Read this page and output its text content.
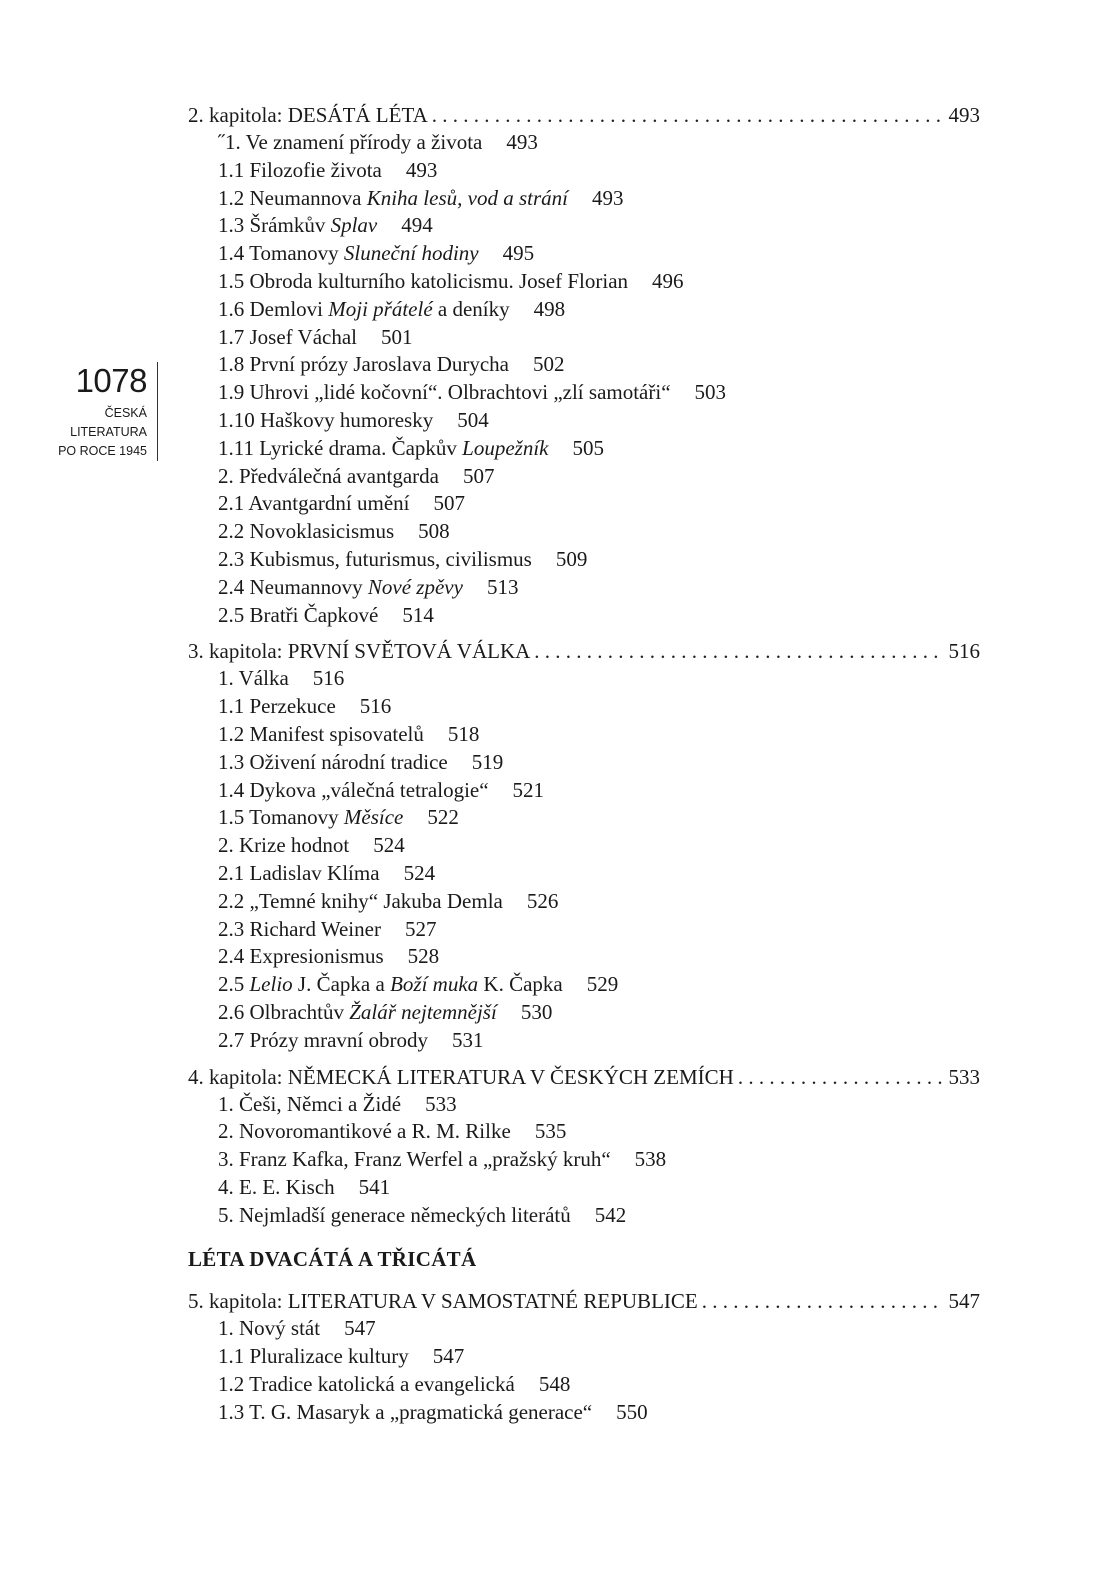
1078
ČESKÁ
LITERATURA
PO ROCE 1945
2. kapitola: DESÁTÁ LÉTA . . .	493
˝1. Ve znamení přírody a života 493
1.1 Filozofie života 493
1.2 Neumannova Kniha lesů, vod a strání 493
1.3 Šrámkův Splav 494
1.4 Tomanovy Sluneční hodiny 495
1.5 Obroda kulturního katolicismu. Josef Florian 496
1.6 Demlovi Moji přátelé a deníky 498
1.7 Josef Váchal 501
1.8 První prózy Jaroslava Durycha 502
1.9 Uhrovi „lidé kočovní“. Olbrachtovi „zlí samotáři“ 503
1.10 Haškovy humoresky 504
1.11 Lyrické drama. Čapkův Loupežník 505
2. Předválečná avantgarda 507
2.1 Avantgardní umění 507
2.2 Novoklasicismus 508
2.3 Kubismus, futurismus, civilismus 509
2.4 Neumannovy Nové zpěvy 513
2.5 Bratři Čapkové 514
3. kapitola: PRVNÍ SVĚTOVÁ VÁLKA . . .	516
1. Válka 516
1.1 Perzekuce 516
1.2 Manifest spisovatelů 518
1.3 Oživení národní tradice 519
1.4 Dykova „válečná tetralogie“ 521
1.5 Tomanovy Měsíce 522
2. Krize hodnot 524
2.1 Ladislav Klíma 524
2.2 „Temné knihy“ Jakuba Demla 526
2.3 Richard Weiner 527
2.4 Expresionismus 528
2.5 Lelio J. Čapka a Boží muka K. Čapka 529
2.6 Olbrachtův Žalář nejtemnější 530
2.7 Prózy mravní obrody 531
4. kapitola: NĚMECKÁ LITERATURA V ČESKÝCH ZEMÍCH . . .	533
1. Češi, Němci a Židé 533
2. Novoromantikové a R. M. Rilke 535
3. Franz Kafka, Franz Werfel a „pražský kruh“ 538
4. E. E. Kisch 541
5. Nejmladší generace německých literátů 542
LÉTA DVACÁTÁ A TŘICÁTÁ
5. kapitola: LITERATURA V SAMOSTATNÉ REPUBLICE . . .	547
1. Nový stát 547
1.1 Pluralizace kultury 547
1.2 Tradice katolická a evangelická 548
1.3 T. G. Masaryk a „pragmatická generace“ 550
